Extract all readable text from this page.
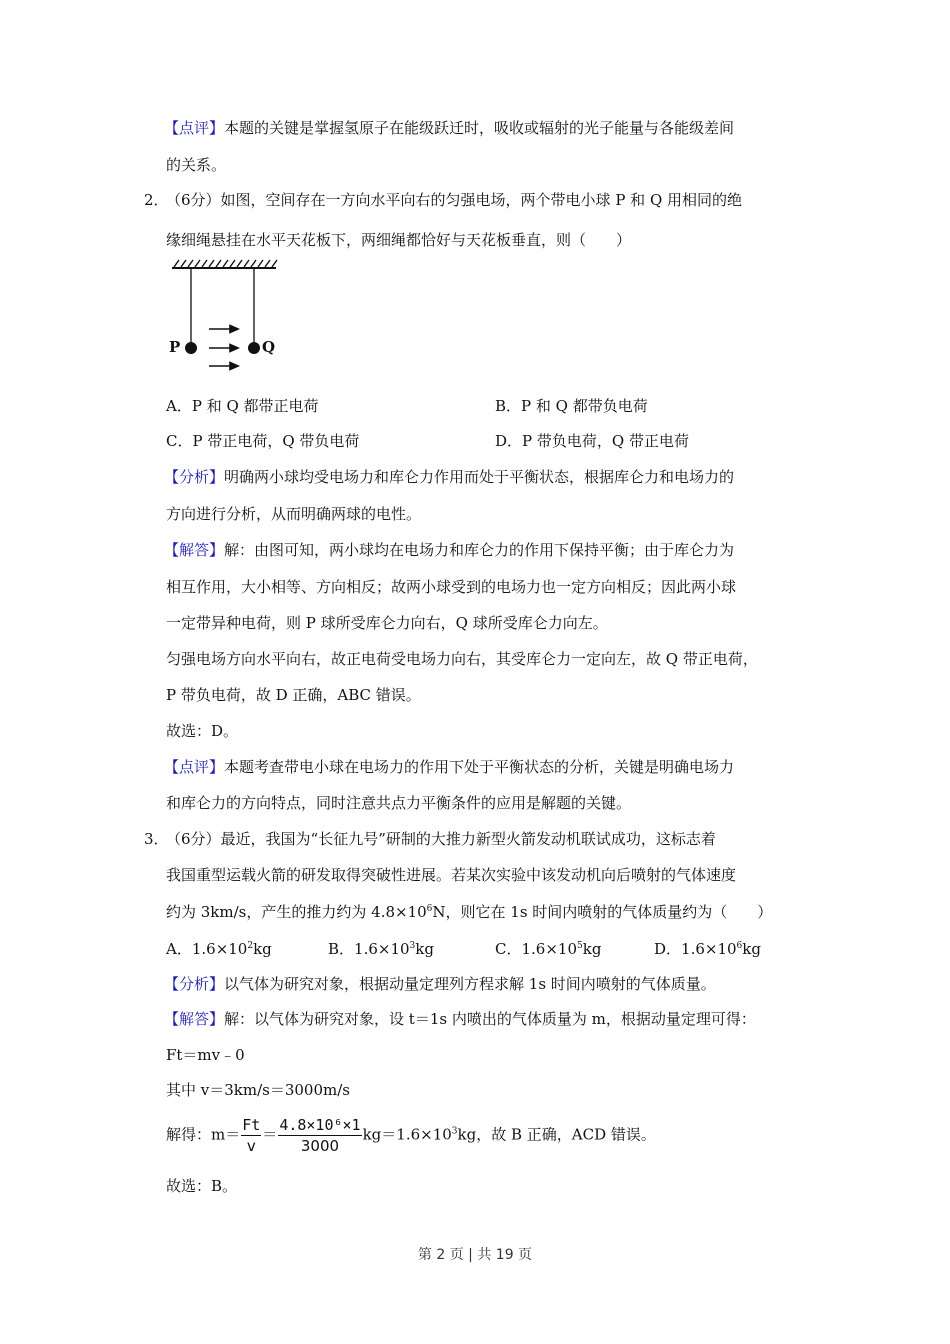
【点评】本题的关键是掌握氢原子在能级跃迁时，吸收或辐射的光子能量与各能级差间
的关系。
2．
（6分）如图，空间存在一方向水平向右的匀强电场，两个带电小球 P 和 Q 用相同的绝
缘细绳悬挂在水平天花板下，两细绳都恰好与天花板垂直，则（　　）
P	Q
A．P 和 Q 都带正电荷	B．P 和 Q 都带负电荷
C．P 带正电荷，Q 带负电荷	D．P 带负电荷，Q 带正电荷
【分析】明确两小球均受电场力和库仑力作用而处于平衡状态，根据库仑力和电场力的
方向进行分析，从而明确两球的电性。
【解答】解：由图可知，两小球均在电场力和库仑力的作用下保持平衡；由于库仑力为
相互作用，大小相等、方向相反；故两小球受到的电场力也一定方向相反；因此两小球
一定带异种电荷，则 P 球所受库仑力向右，Q 球所受库仑力向左。
匀强电场方向水平向右，故正电荷受电场力向右，其受库仑力一定向左，故 Q 带正电荷，
P 带负电荷，故 D 正确，ABC 错误。
故选：D。
【点评】本题考查带电小球在电场力的作用下处于平衡状态的分析，关键是明确电场力
和库仑力的方向特点，同时注意共点力平衡条件的应用是解题的关键。
3．
（6分）最近，我国为“长征九号”研制的大推力新型火箭发动机联试成功，这标志着
我国重型运载火箭的研发取得突破性进展。若某次实验中该发动机向后喷射的气体速度
约为 3km/s，产生的推力约为 $4.8\times 10^6N$，则它在 1s 时间内喷射的气体质量约为（　　）
A．$1.6\times 10^2kg$	B．$1.6\times 10^3kg$	C．$1.6\times 10^5kg$	D．$1.6\times 10^6kg$
【分析】以气体为研究对象，根据动量定理列方程求解 1s 时间内喷射的气体质量。
【解答】解：以气体为研究对象，设 t＝1s 内喷出的气体质量为 m，根据动量定理可得：
Ft＝mv﹣0
其中 v＝3km/s＝3000m/s
解得：$m= \frac{Ft}{v} = \frac{\text{4.8×10⁶×1}}{3000} kg=1.6\times 10^3kg$，故 B 正确，ACD 错误。
故选：B。
第 2 页 | 共 19 页
